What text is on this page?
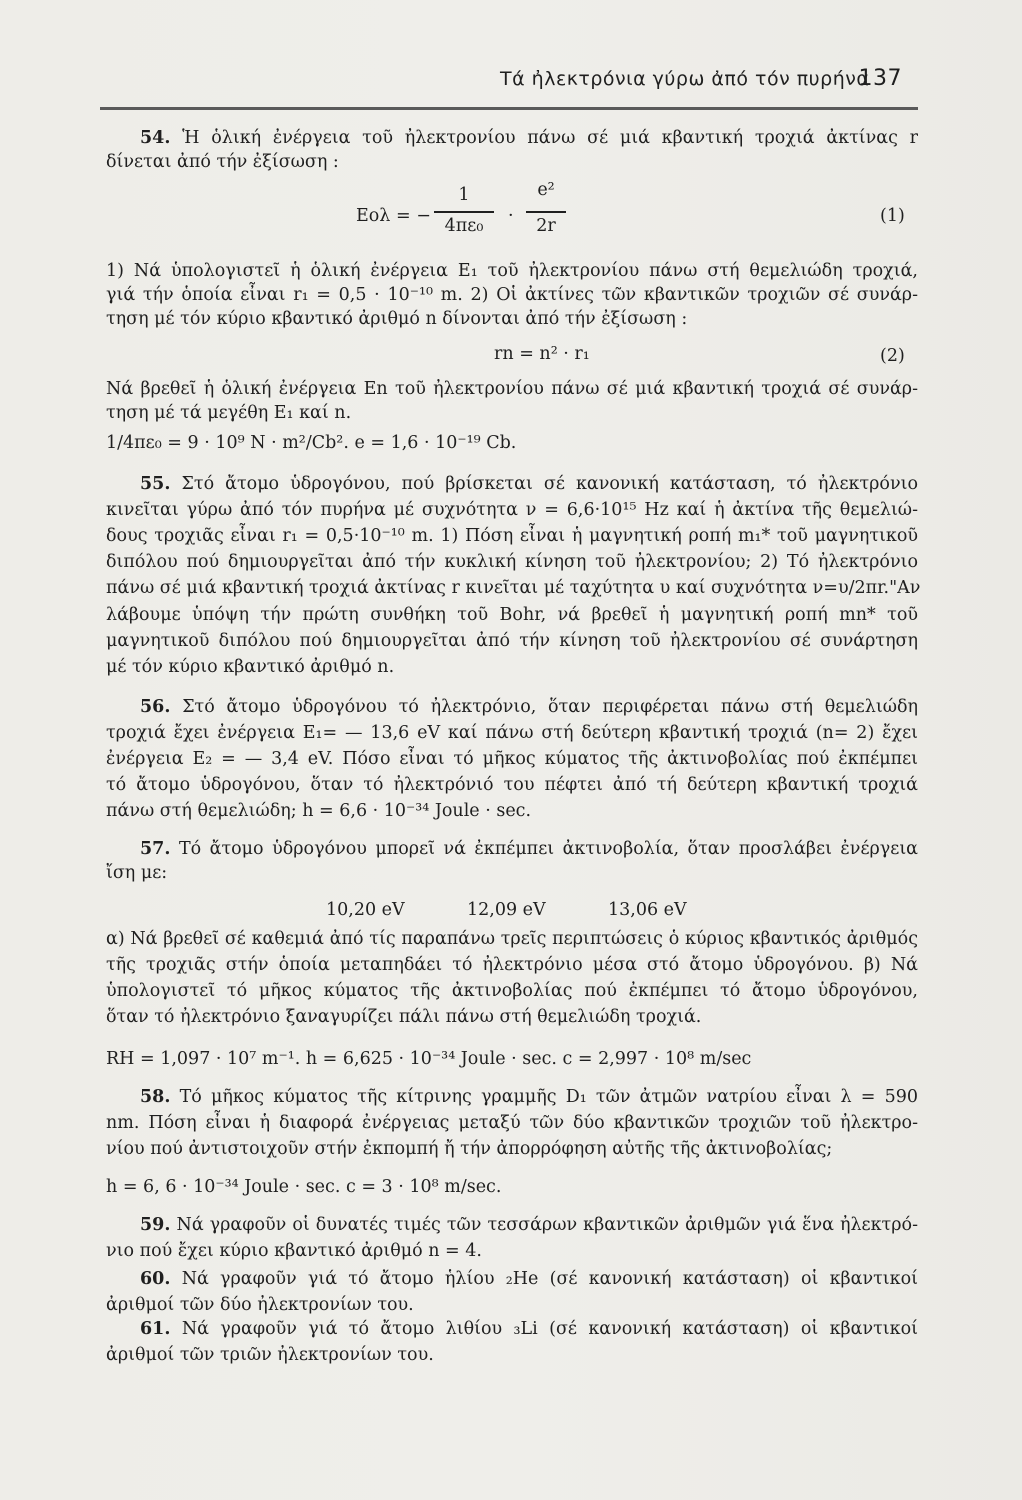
Τά ἠλεκτρόνια γύρω ἀπό τόν πυρήνα
137
54. Ἡ ὁλική ἐνέργεια τοῦ ἠλεκτρονίου πάνω σέ μιά κβαντική τροχιά ἀκτίνας r
δίνεται ἀπό τήν ἐξίσωση :
Eολ = −
1
4πε₀	·
e²
2r	(1)
1) Νά ὑπολογιστεῖ ἡ ὁλική ἐνέργεια E₁ τοῦ ἠλεκτρονίου πάνω στή θεμελιώδη τροχιά,
γιά τήν ὁποία εἶναι r₁ = 0,5 · 10⁻¹⁰ m. 2) Οἱ ἀκτίνες τῶν κβαντικῶν τροχιῶν σέ συνάρ-
τηση μέ τόν κύριο κβαντικό ἀριθμό n δίνονται ἀπό τήν ἐξίσωση :
rn = n² · r₁	(2)
Νά βρεθεῖ ἡ ὁλική ἐνέργεια En τοῦ ἠλεκτρονίου πάνω σέ μιά κβαντική τροχιά σέ συνάρ-
τηση μέ τά μεγέθη E₁ καί n.
1/4πε₀ = 9 · 10⁹ N · m²/Cb². e = 1,6 · 10⁻¹⁹ Cb.
55. Στό ἄτομο ὑδρογόνου, πού βρίσκεται σέ κανονική κατάσταση, τό ἠλεκτρόνιο
κινεῖται γύρω ἀπό τόν πυρήνα μέ συχνότητα ν = 6,6·10¹⁵ Hz καί ἡ ἀκτίνα τῆς θεμελιώ-
δους τροχιᾶς εἶναι r₁ = 0,5·10⁻¹⁰ m. 1) Πόση εἶναι ἡ μαγνητική ροπή m₁* τοῦ μαγνητικοῦ
διπόλου πού δημιουργεῖται ἀπό τήν κυκλική κίνηση τοῦ ἠλεκτρονίου; 2) Τό ἠλεκτρόνιο
πάνω σέ μιά κβαντική τροχιά ἀκτίνας r κινεῖται μέ ταχύτητα υ καί συχνότητα ν=υ/2πr."Αν
λάβουμε ὑπόψη τήν πρώτη συνθήκη τοῦ Bohr, νά βρεθεῖ ἡ μαγνητική ροπή mn* τοῦ
μαγνητικοῦ διπόλου πού δημιουργεῖται ἀπό τήν κίνηση τοῦ ἠλεκτρονίου σέ συνάρτηση
μέ τόν κύριο κβαντικό ἀριθμό n.
56. Στό ἄτομο ὑδρογόνου τό ἠλεκτρόνιο, ὅταν περιφέρεται πάνω στή θεμελιώδη
τροχιά ἔχει ἐνέργεια E₁= — 13,6 eV καί πάνω στή δεύτερη κβαντική τροχιά (n= 2) ἔχει
ἐνέργεια E₂ = — 3,4 eV. Πόσο εἶναι τό μῆκος κύματος τῆς ἀκτινοβολίας πού ἐκπέμπει
τό ἄτομο ὑδρογόνου, ὅταν τό ἠλεκτρόνιό του πέφτει ἀπό τή δεύτερη κβαντική τροχιά
πάνω στή θεμελιώδη; h = 6,6 · 10⁻³⁴ Joule · sec.
57. Τό ἄτομο ὑδρογόνου μπορεῖ νά ἐκπέμπει ἀκτινοβολία, ὅταν προσλάβει ἐνέργεια
ἴση με:
10,20 eV	12,09 eV	13,06 eV
α) Νά βρεθεῖ σέ καθεμιά ἀπό τίς παραπάνω τρεῖς περιπτώσεις ὁ κύριος κβαντικός ἀριθμός
τῆς τροχιᾶς στήν ὁποία μεταπηδάει τό ἠλεκτρόνιο μέσα στό ἄτομο ὑδρογόνου. β) Νά
ὑπολογιστεῖ τό μῆκος κύματος τῆς ἀκτινοβολίας πού ἐκπέμπει τό ἄτομο ὑδρογόνου,
ὅταν τό ἠλεκτρόνιο ξαναγυρίζει πάλι πάνω στή θεμελιώδη τροχιά.
RH = 1,097 · 10⁷ m⁻¹. h = 6,625 · 10⁻³⁴ Joule · sec. c = 2,997 · 10⁸ m/sec
58. Τό μῆκος κύματος τῆς κίτρινης γραμμῆς D₁ τῶν ἀτμῶν νατρίου εἶναι λ = 590
nm. Πόση εἶναι ἡ διαφορά ἐνέργειας μεταξύ τῶν δύο κβαντικῶν τροχιῶν τοῦ ἠλεκτρο-
νίου πού ἀντιστοιχοῦν στήν ἐκπομπή ἤ τήν ἀπορρόφηση αὐτῆς τῆς ἀκτινοβολίας;
h = 6, 6 · 10⁻³⁴ Joule · sec. c = 3 · 10⁸ m/sec.
59. Νά γραφοῦν οἱ δυνατές τιμές τῶν τεσσάρων κβαντικῶν ἀριθμῶν γιά ἕνα ἠλεκτρό-
νιο πού ἔχει κύριο κβαντικό ἀριθμό n = 4.
60. Νά γραφοῦν γιά τό ἄτομο ἡλίου ₂He (σέ κανονική κατάσταση) οἱ κβαντικοί
ἀριθμοί τῶν δύο ἠλεκτρονίων του.
61. Νά γραφοῦν γιά τό ἄτομο λιθίου ₃Li (σέ κανονική κατάσταση) οἱ κβαντικοί
ἀριθμοί τῶν τριῶν ἠλεκτρονίων του.
